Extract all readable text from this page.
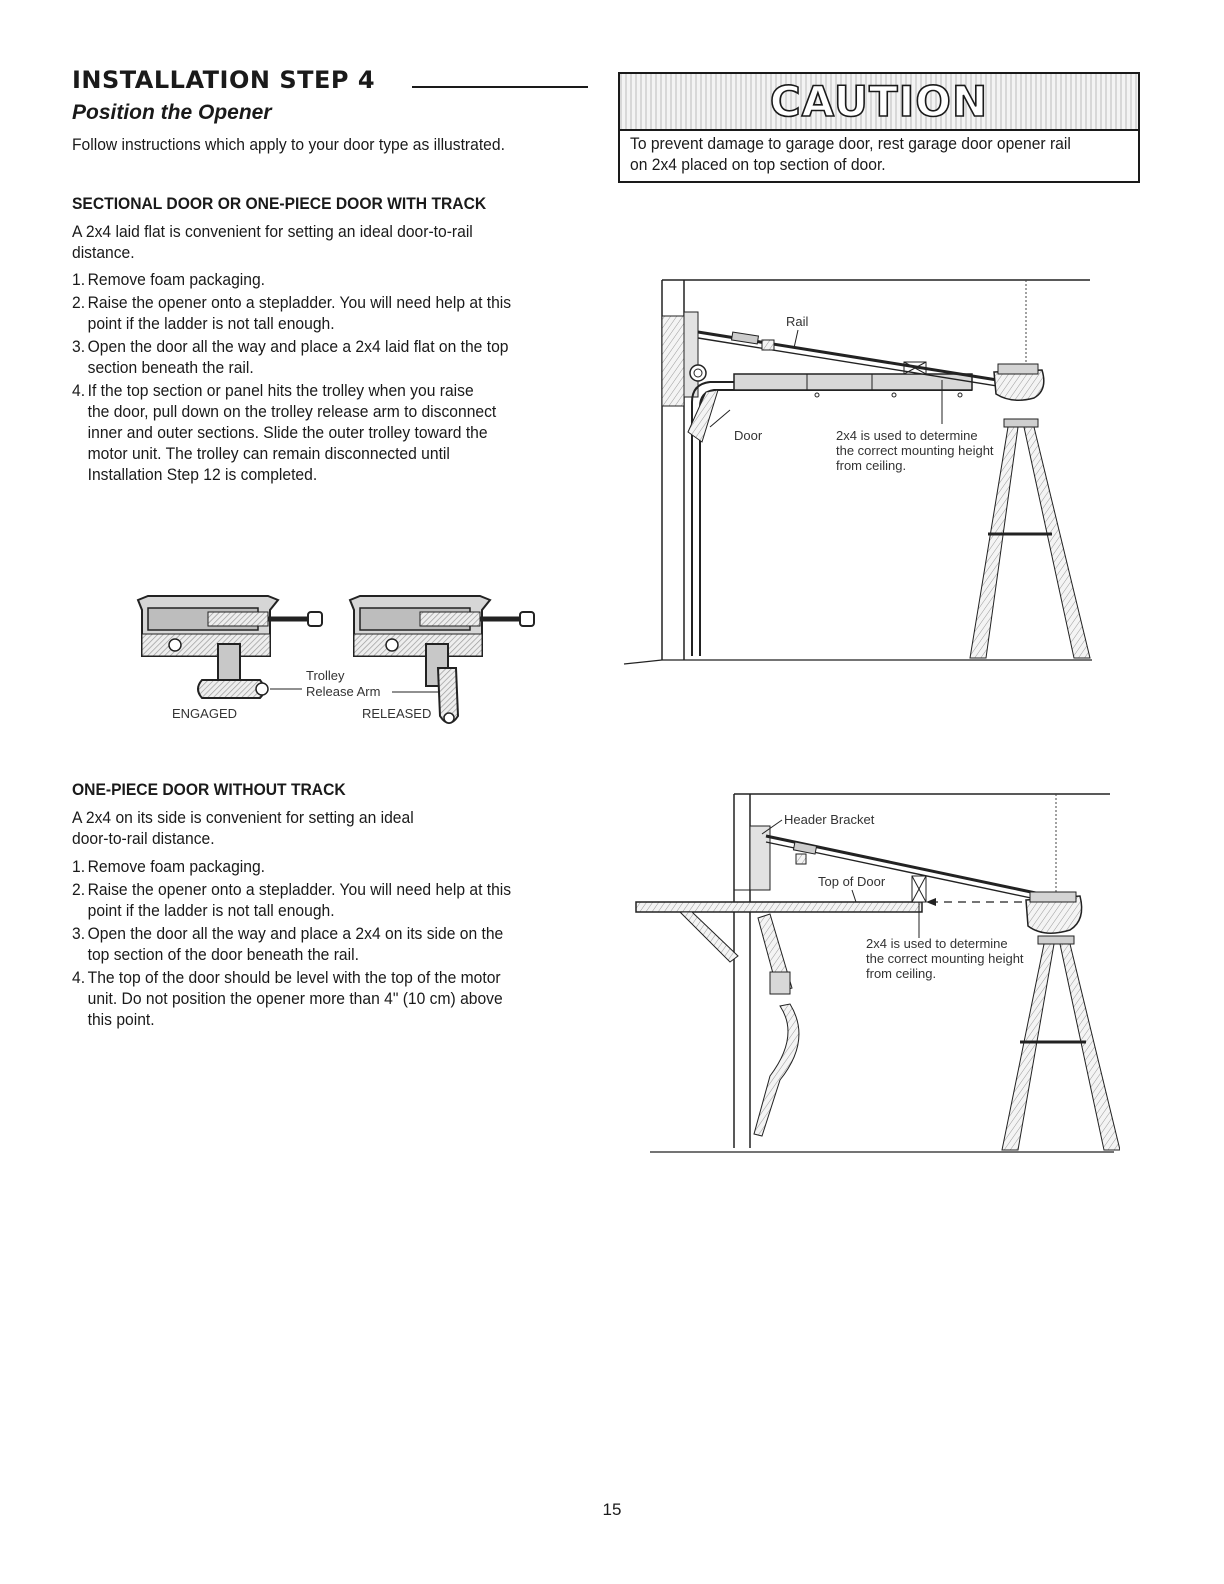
INSTALLATION STEP 4
Position the Opener
Follow instructions which apply to your door type as illustrated.
CAUTION
To prevent damage to garage door, rest garage door opener rail
on 2x4 placed on top section of door.
SECTIONAL DOOR OR ONE-PIECE DOOR WITH TRACK
A 2x4 laid flat is convenient for setting an ideal door-to-rail
distance.
1. Remove foam packaging.
2. Raise the opener onto a stepladder. You will need help at this
point if the ladder is not tall enough.
3. Open the door all the way and place a 2x4 laid flat on the top
section beneath the rail.
4. If the top section or panel hits the trolley when you raise
the door, pull down on the trolley release arm to disconnect
inner and outer sections. Slide the outer trolley toward the
motor unit. The trolley can remain disconnected until
Installation Step 12 is completed.
Trolley
Release Arm
ENGAGED	RELEASED
Rail
Door	2x4 is used to determine
the correct mounting height
from ceiling.
ONE-PIECE DOOR WITHOUT TRACK
A 2x4 on its side is convenient for setting an ideal
door-to-rail distance.
1. Remove foam packaging.
2. Raise the opener onto a stepladder. You will need help at this
point if the ladder is not tall enough.
3. Open the door all the way and place a 2x4 on its side on the
top section of the door beneath the rail.
4. The top of the door should be level with the top of the motor
unit. Do not position the opener more than 4" (10 cm) above
this point.
Header Bracket
Top of Door
2x4 is used to determine
the correct mounting height
from ceiling.
15
